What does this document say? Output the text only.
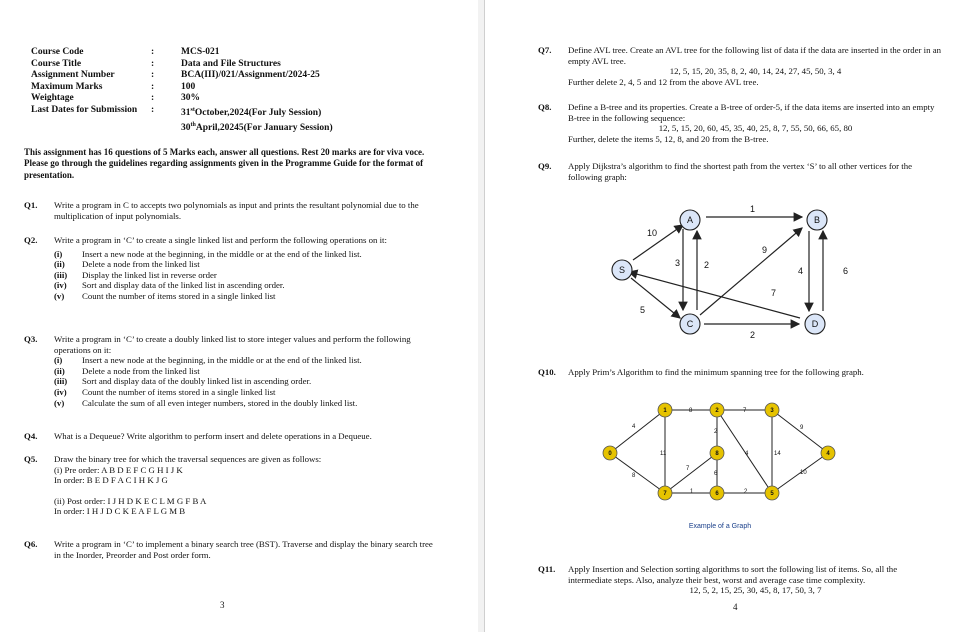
Course Code	:	MCS-021
Course Title	:	Data and File Structures
Assignment Number	:	BCA(III)/021/Assignment/2024-25
Maximum Marks	:	100
Weightage	:	30%
Last Dates for Submission	:	31stOctober,2024(For July Session)
30thApril,20245(For January Session)
This assignment has 16 questions of 5 Marks each, answer all questions. Rest 20 marks are for viva voce. Please go through the guidelines regarding assignments given in the Programme Guide for the format of presentation.
Q1.	Write a program in C to accepts two polynomials as input and prints the resultant polynomial due to the multiplication of input polynomials.
Q2.	Write a program in ‘C’ to create a single linked list and perform the following operations on it:
(i)	Insert a new node at the beginning, in the middle or at the end of the linked list.
(ii)	Delete a node from the linked list
(iii)	Display the linked list in reverse order
(iv)	Sort and display data of the linked list in ascending order.
(v)	Count the number of items stored in a single linked list
Q3.	Write a program in ‘C’ to create a doubly linked list to store integer values and perform the following operations on it:
(i)	Insert a new node at the beginning, in the middle or at the end of the linked list.
(ii)	Delete a node from the linked list
(iii)	Sort and display data of the doubly linked list in ascending order.
(iv)	Count the number of items stored in a single linked list
(v)	Calculate the sum of all even integer numbers, stored in the doubly linked list.
Q4.	What is a Dequeue? Write algorithm to perform insert and delete operations in a Dequeue.
Q5.	Draw the binary tree for which the traversal sequences are given as follows:
(i) Pre order: A B D E F C G H I J K
In order: B E D F A C I H K J G
(ii) Post order: I J H D K E C L M G F B A
In order: I H J D C K E A F L G M B
Q6.	Write a program in ‘C’ to implement a binary search tree (BST). Traverse and display the binary search tree in the Inorder, Preorder and Post order form.
3
Q7.	Define AVL tree. Create an AVL tree for the following list of data if the data are inserted in the order in an empty AVL tree.
12, 5, 15, 20, 35, 8, 2, 40, 14, 24, 27, 45, 50, 3, 4
Further delete 2, 4, 5 and 12 from the above AVL tree.
Q8.	Define a B-tree and its properties. Create a B-tree of order-5, if the data items are inserted into an empty B-tree in the following sequence:
12, 5, 15, 20, 60, 45, 35, 40, 25, 8, 7, 55, 50, 66, 65, 80
Further, delete the items 5, 12, 8, and 20 from the B-tree.
Q9.	Apply Dijkstra’s algorithm to find the shortest path from the vertex ‘S’ to all other vertices for the following graph:
10
5
1
3	2
9
4	6
2
7
S
A	B
C	D
Q10.	Apply Prim’s Algorithm to find the minimum spanning tree for the following graph.
4
8
8
11
7
2
4
9
14
10
2
1
6
7
0
1	2	3
4
5
6
7
8
Example of a Graph
Q11.	Apply Insertion and Selection sorting algorithms to sort the following list of items. So, all the intermediate steps. Also, analyze their best, worst and average case time complexity.
12, 5, 2, 15, 25, 30, 45, 8, 17, 50, 3, 7
4
